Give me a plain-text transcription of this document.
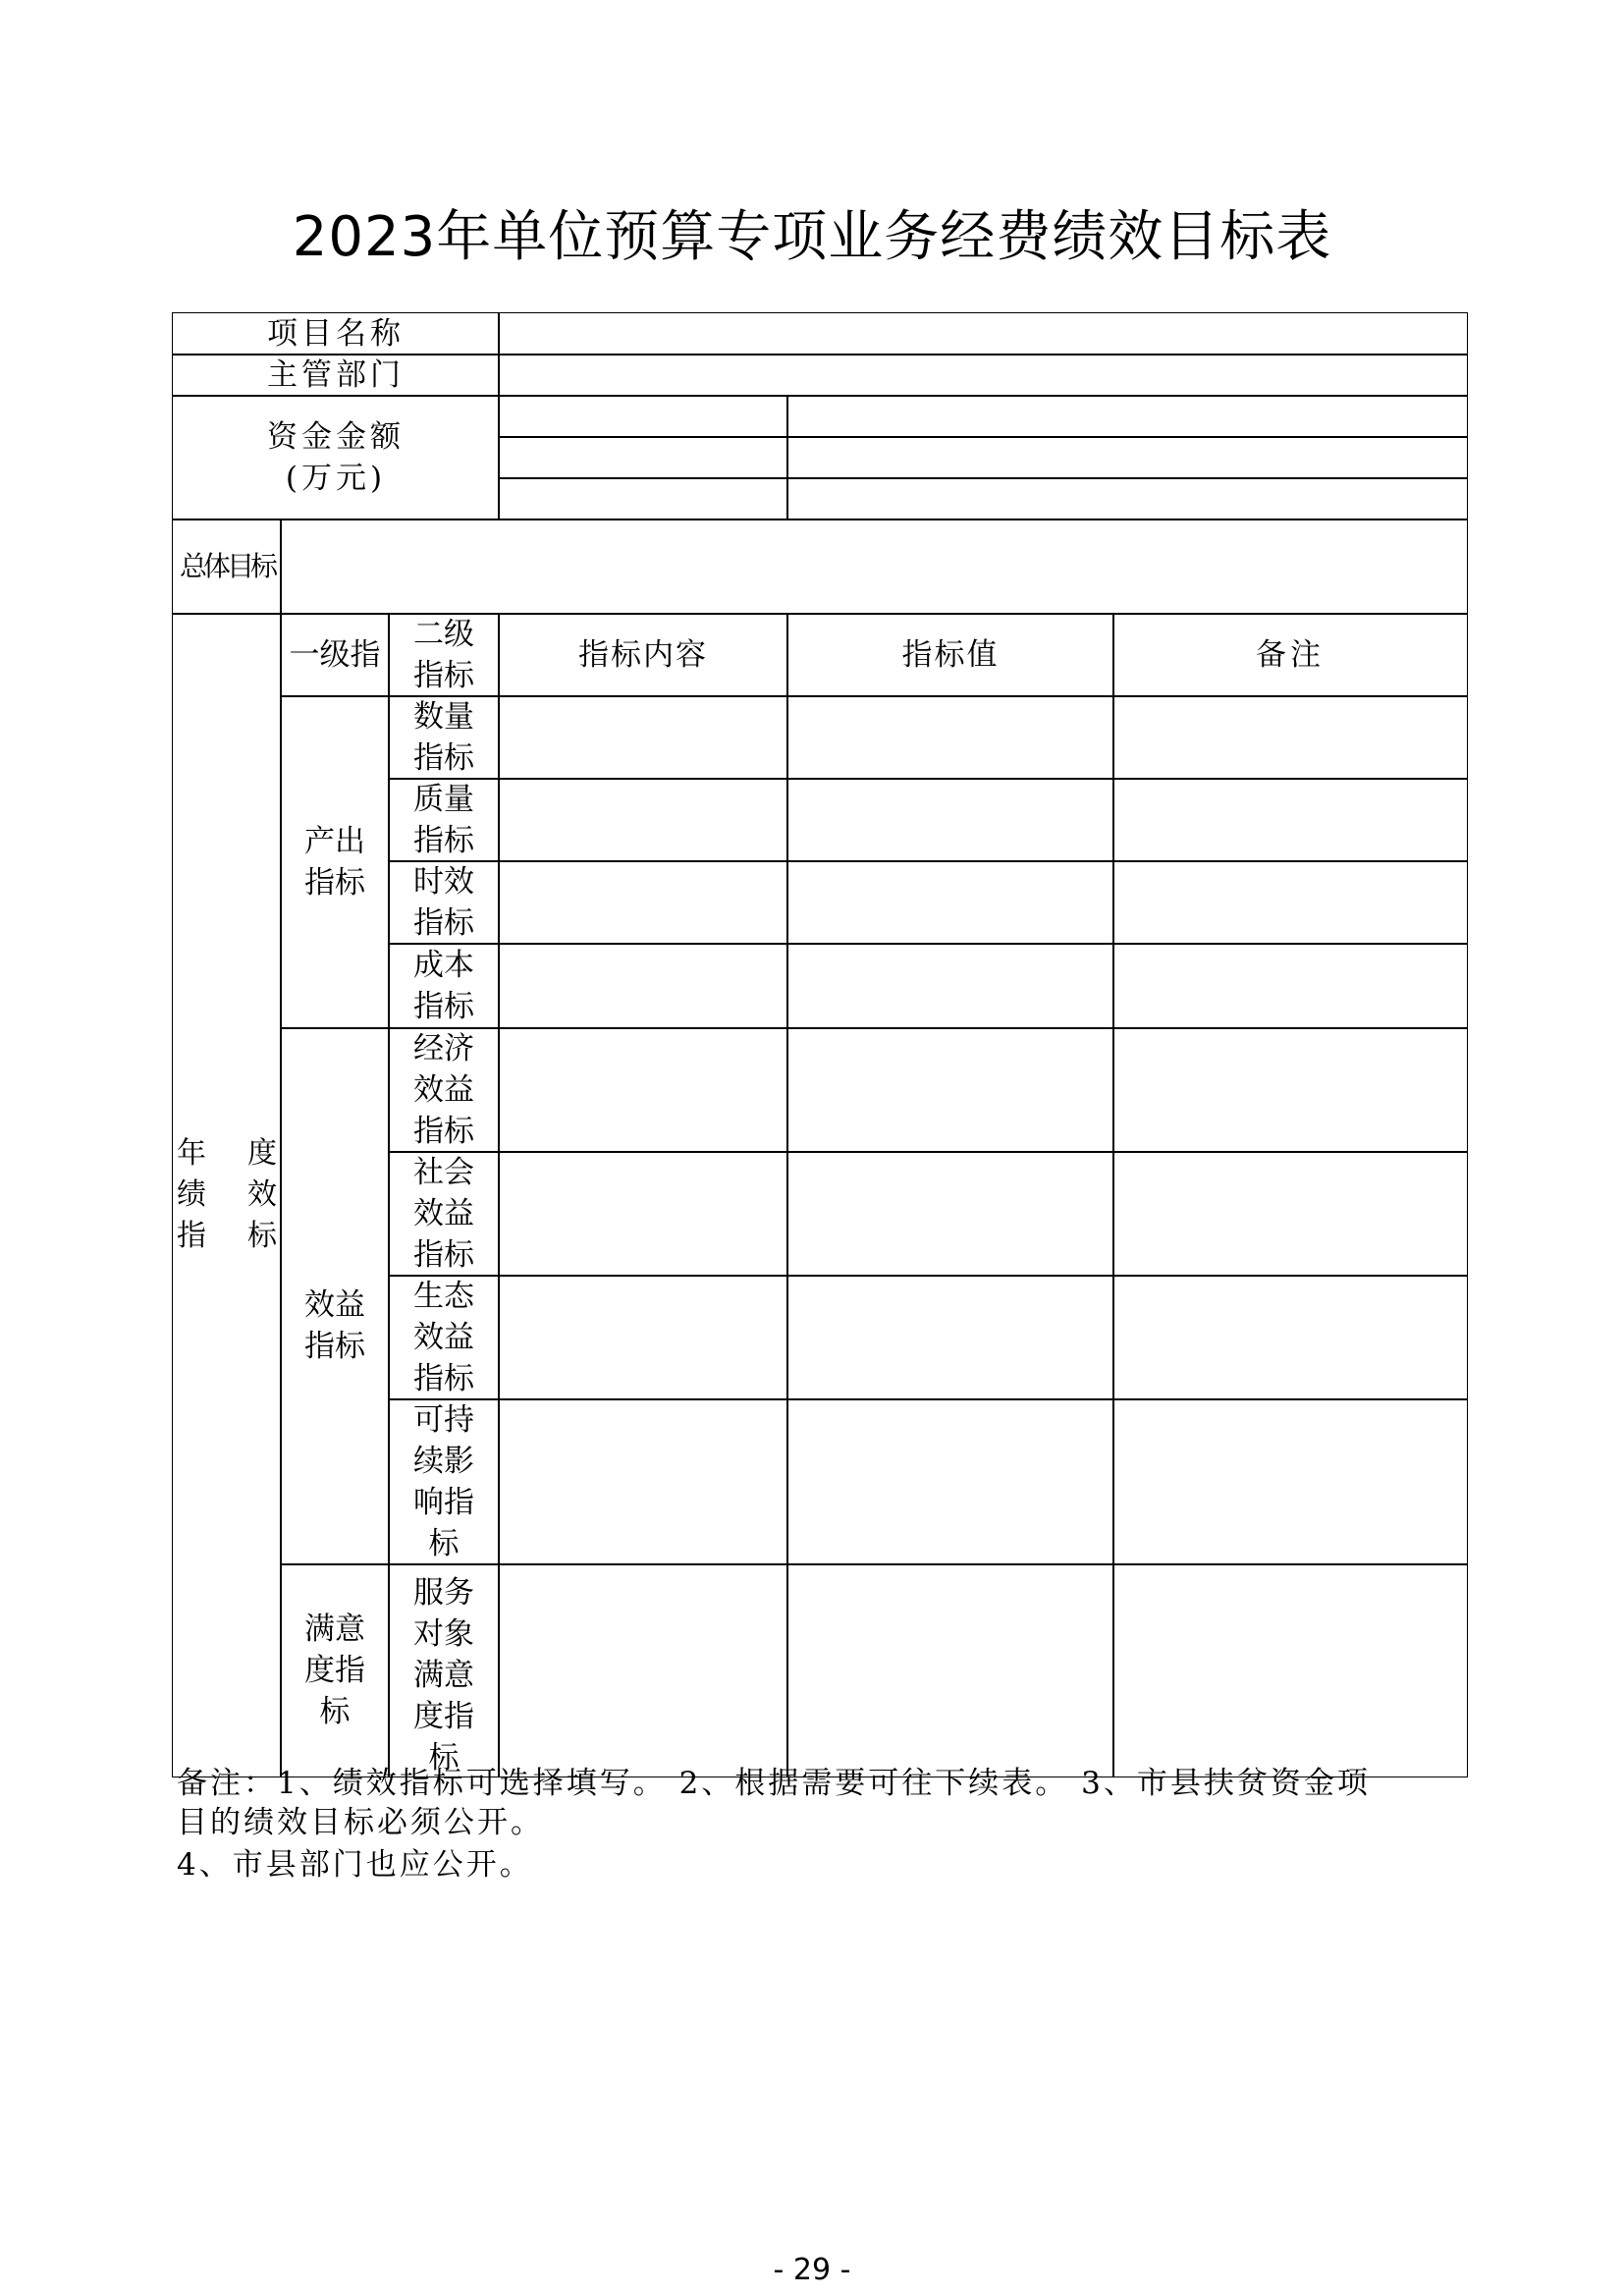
2023年单位预算专项业务经费绩效目标表
项目名称
主管部门
资金金额
(万元)
总体目标
年 度 绩 效 指 标
一级指
二级指标
指标内容	指标值	备注
产出指标
数量指标
质量指标
时效指标
成本指标
效益指标
经济效益指标
社会效益指标
生态效益指标
可持续影响指标
满意度指标
服务对象满意度指标
备注：1、绩效指标可选择填写。 2、根据需要可往下续表。 3、市县扶贫资金项
目的绩效目标必须公开。
4、市县部门也应公开。
- 29 -
